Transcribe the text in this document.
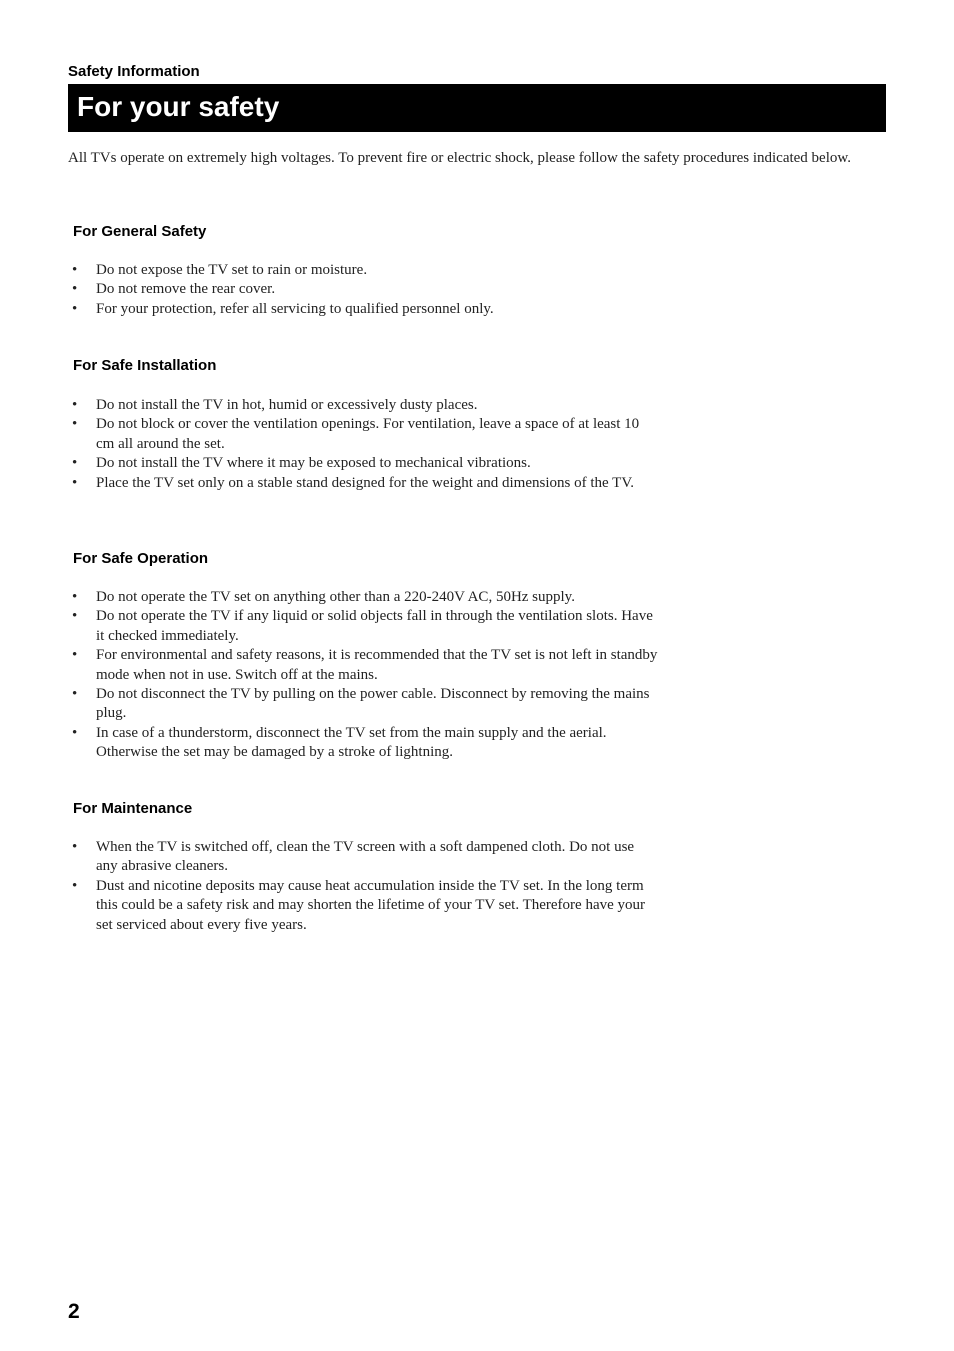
Safety Information
For your safety

All TVs operate on extremely high voltages. To prevent fire or electric shock, please follow the safety procedures indicated below.

For General Safety
• Do not expose the TV set to rain or moisture.
• Do not remove the rear cover.
• For your protection, refer all servicing to qualified personnel only.
For Safe Installation
• Do not install the TV in hot, humid or excessively dusty places.
• Do not block or cover the ventilation openings. For ventilation, leave a space of at least 10 cm all around the set.
• Do not install the TV where it may be exposed to mechanical vibrations.
• Place the TV set only on a stable stand designed for the weight and dimensions of the TV.
For Safe Operation
• Do not operate the TV set on anything other than a 220-240V AC, 50Hz supply.
• Do not operate the TV if any liquid or solid objects fall in through the ventilation slots. Have it checked immediately.
• For environmental and safety reasons, it is recommended that the TV set is not left in standby mode when not in use. Switch off at the mains.
• Do not disconnect the TV by pulling on the power cable. Disconnect by removing the mains plug.
• In case of a thunderstorm, disconnect the TV set from the main supply and the aerial. Otherwise the set may be damaged by a stroke of lightning.
For Maintenance
• When the TV is switched off, clean the TV screen with a soft dampened cloth. Do not use any abrasive cleaners.
• Dust and nicotine deposits may cause heat accumulation inside the TV set. In the long term this could be a safety risk and may shorten the lifetime of your TV set. Therefore have your set serviced about every five years.
2
